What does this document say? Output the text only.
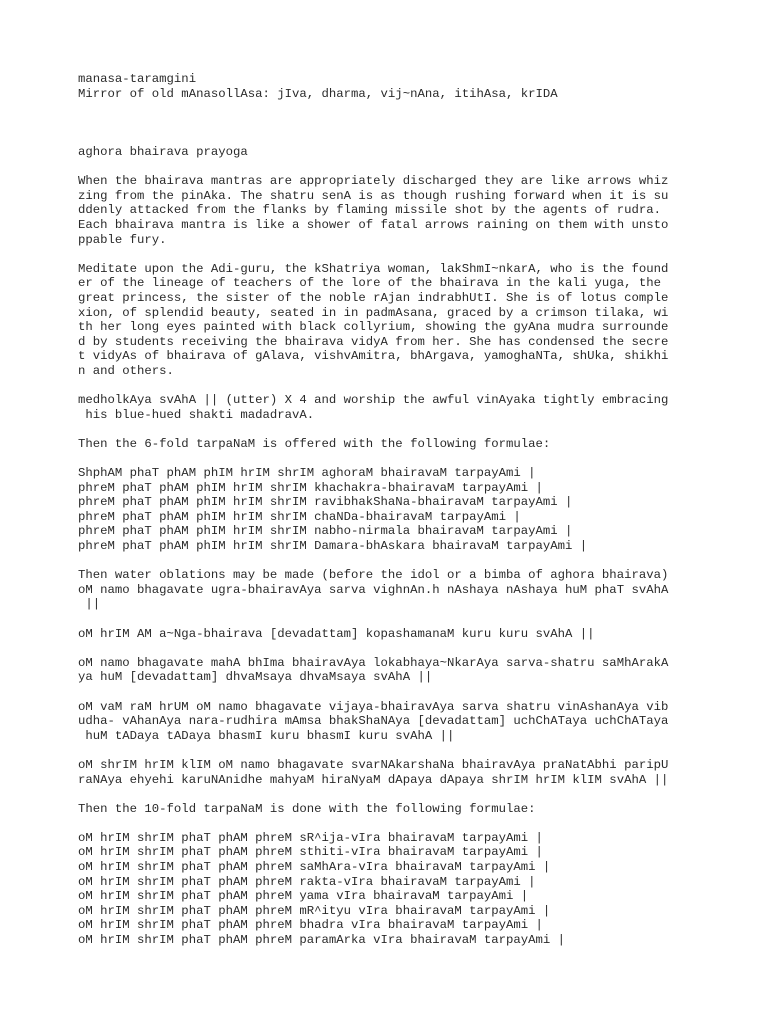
manasa-taramgini
Mirror of old mAnasollAsa: jIva, dharma, vij~nAna, itihAsa, krIDA
aghora bhairava prayoga
When the bhairava mantras are appropriately discharged they are like arrows whiz
zing from the pinAka. The shatru senA is as though rushing forward when it is su
ddenly attacked from the flanks by flaming missile shot by the agents of rudra.
Each bhairava mantra is like a shower of fatal arrows raining on them with unsto
ppable fury.
Meditate upon the Adi-guru, the kShatriya woman, lakShmI~nkarA, who is the found
er of the lineage of teachers of the lore of the bhairava in the kali yuga, the
great princess, the sister of the noble rAjan indrabhUtI. She is of lotus comple
xion, of splendid beauty, seated in in padmAsana, graced by a crimson tilaka, wi
th her long eyes painted with black collyrium, showing the gyAna mudra surrounde
d by students receiving the bhairava vidyA from her. She has condensed the secre
t vidyAs of bhairava of gAlava, vishvAmitra, bhArgava, yamoghaNTa, shUka, shikhi
n and others.
medholkAya svAhA || (utter) X 4 and worship the awful vinAyaka tightly embracing
his blue-hued shakti madadravA.
Then the 6-fold tarpaNaM is offered with the following formulae:
ShphAM phaT phAM phIM hrIM shrIM aghoraM bhairavaM tarpayAmi |
phreM phaT phAM phIM hrIM shrIM khachakra-bhairavaM tarpayAmi |
phreM phaT phAM phIM hrIM shrIM ravibhakShaNa-bhairavaM tarpayAmi |
phreM phaT phAM phIM hrIM shrIM chaNDa-bhairavaM tarpayAmi |
phreM phaT phAM phIM hrIM shrIM nabho-nirmala bhairavaM tarpayAmi |
phreM phaT phAM phIM hrIM shrIM Damara-bhAskara bhairavaM tarpayAmi |
Then water oblations may be made (before the idol or a bimba of aghora bhairava)
oM namo bhagavate ugra-bhairavAya sarva vighnAn.h nAshaya nAshaya huM phaT svAhA
||
oM hrIM AM a~Nga-bhairava [devadattam] kopashamanaM kuru kuru svAhA ||
oM namo bhagavate mahA bhIma bhairavAya lokabhaya~NkarAya sarva-shatru saMhArakA
ya huM [devadattam] dhvaMsaya dhvaMsaya svAhA ||
oM vaM raM hrUM oM namo bhagavate vijaya-bhairavAya sarva shatru vinAshanAya vib
udha- vAhanAya nara-rudhira mAmsa bhakShaNAya [devadattam] uchChATaya uchChATaya
huM tADaya tADaya bhasmI kuru bhasmI kuru svAhA ||
oM shrIM hrIM klIM oM namo bhagavate svarNAkarshaNa bhairavAya praNatAbhi paripU
raNAya ehyehi karuNAnidhe mahyaM hiraNyaM dApaya dApaya shrIM hrIM klIM svAhA ||
Then the 10-fold tarpaNaM is done with the following formulae:
oM hrIM shrIM phaT phAM phreM sR^ija-vIra bhairavaM tarpayAmi |
oM hrIM shrIM phaT phAM phreM sthiti-vIra bhairavaM tarpayAmi |
oM hrIM shrIM phaT phAM phreM saMhAra-vIra bhairavaM tarpayAmi |
oM hrIM shrIM phaT phAM phreM rakta-vIra bhairavaM tarpayAmi |
oM hrIM shrIM phaT phAM phreM yama vIra bhairavaM tarpayAmi |
oM hrIM shrIM phaT phAM phreM mR^ityu vIra bhairavaM tarpayAmi |
oM hrIM shrIM phaT phAM phreM bhadra vIra bhairavaM tarpayAmi |
oM hrIM shrIM phaT phAM phreM paramArka vIra bhairavaM tarpayAmi |
